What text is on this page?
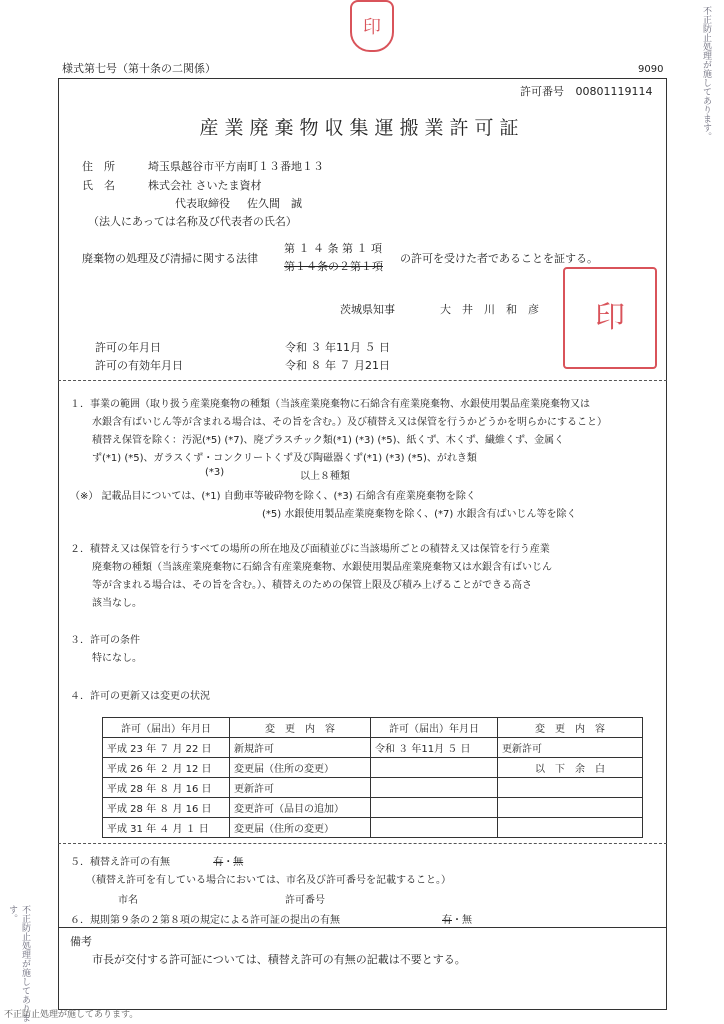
印	不正防止処理が施してあります。
不正防止処理が施してあります。
様式第七号（第十条の二関係）	9090
許可番号 00801119114
産業廃棄物収集運搬業許可証
住　所	埼玉県越谷市平方南町１３番地１３
氏　名	株式会社 さいたま資材
代表取締役 佐久間　誠
（法人にあっては名称及び代表者の氏名）
廃棄物の処理及び清掃に関する法律
第 １ ４ 条 第 １ 項
第１４条の２第１項
の許可を受けた者であることを証する。
茨城県知事	大　井　川　和　彦 印
許可の年月日	令和 ３ 年11月 ５ 日
許可の有効年月日	令和 ８ 年 ７ 月21日
１．事業の範囲（取り扱う産業廃棄物の種類（当該産業廃棄物に石綿含有産業廃棄物、水銀使用製品産業廃棄物又は
水銀含有ばいじん等が含まれる場合は、その旨を含む。）及び積替え又は保管を行うかどうかを明らかにすること）
積替え保管を除く：汚泥(*5) (*7)、廃プラスチック類(*1) (*3) (*5)、紙くず、木くず、繊維くず、金属く
ず(*1) (*5)、ガラスくず・コンクリートくず及び陶磁器くず(*1) (*3) (*5)、がれき類
(*3)	以上８種類
（※） 記載品目については、(*1) 自動車等破砕物を除く、(*3) 石綿含有産業廃棄物を除く
(*5) 水銀使用製品産業廃棄物を除く、(*7) 水銀含有ばいじん等を除く
２．積替え又は保管を行うすべての場所の所在地及び面積並びに当該場所ごとの積替え又は保管を行う産業
廃棄物の種類（当該産業廃棄物に石綿含有産業廃棄物、水銀使用製品産業廃棄物又は水銀含有ばいじん
等が含まれる場合は、その旨を含む。）、積替えのための保管上限及び積み上げることができる高さ
該当なし。
３．許可の条件
特になし。
４．許可の更新又は変更の状況
許可（届出）年月日	変　更　内　容	許可（届出）年月日	変　更　内　容
平成 23 年 ７ 月 22 日	新規許可	令和 ３ 年11月 ５ 日	更新許可
平成 26 年 ２ 月 12 日	変更届（住所の変更）		以　下　余　白
平成 28 年 ８ 月 16 日	更新許可		
平成 28 年 ８ 月 16 日	変更許可（品目の追加）		
平成 31 年 ４ 月 １ 日	変更届（住所の変更）		
５．積替え許可の有無	有・無
（積替え許可を有している場合においては、市名及び許可番号を記載すること。）
市名	許可番号
６．規則第９条の２第８項の規定による許可証の提出の有無	有・無
備考
市長が交付する許可証については、積替え許可の有無の記載は不要とする。
不正防止処理が施してあります。
